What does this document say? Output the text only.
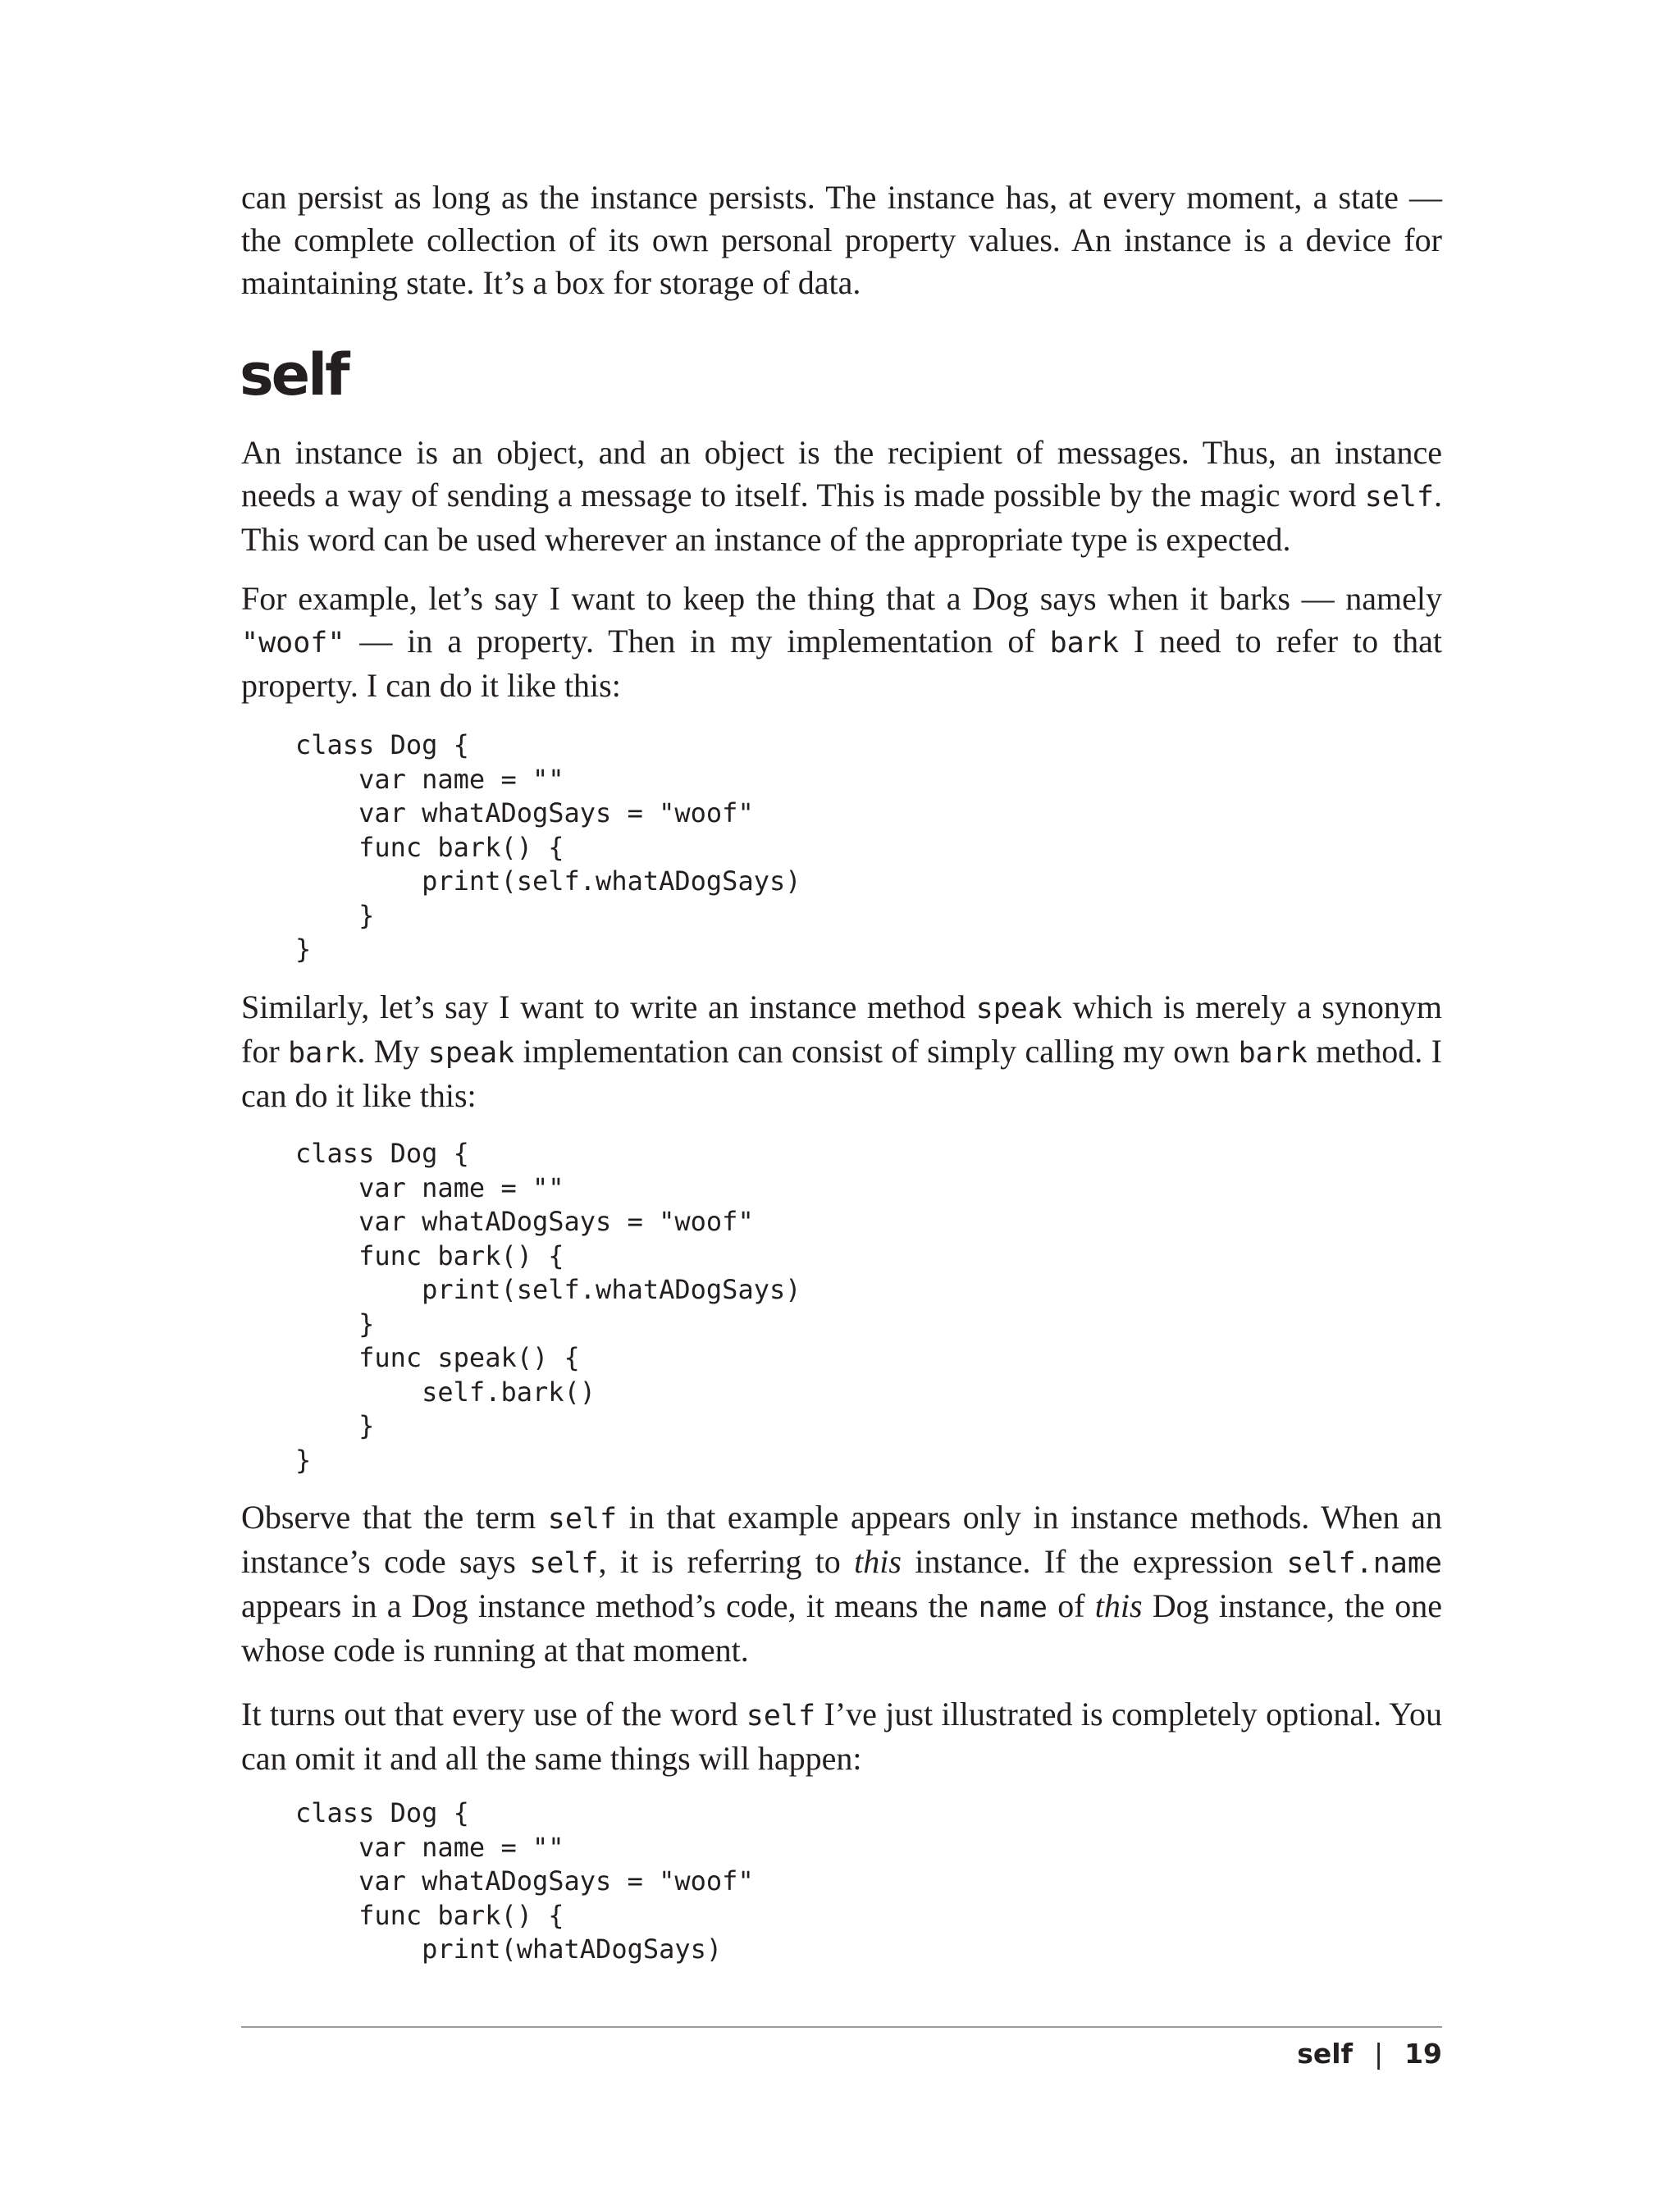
can persist as long as the instance persists. The instance has, at every moment, a state — the complete collection of its own personal property values. An instance is a device for maintaining state. It’s a box for storage of data.

self

An instance is an object, and an object is the recipient of messages. Thus, an instance needs a way of sending a message to itself. This is made possible by the magic word self. This word can be used wherever an instance of the appropriate type is expected.

For example, let’s say I want to keep the thing that a Dog says when it barks — namely "woof" — in a property. Then in my implementation of bark I need to refer to that property. I can do it like this:

class Dog {
var name = ""
var whatADogSays = "woof"
func bark() {
print(self.whatADogSays)
}
}

Similarly, let’s say I want to write an instance method speak which is merely a synonym for bark. My speak implementation can consist of simply calling my own bark method. I can do it like this:

class Dog {
var name = ""
var whatADogSays = "woof"
func bark() {
print(self.whatADogSays)
}
func speak() {
self.bark()
}
}

Observe that the term self in that example appears only in instance methods. When an instance’s code says self, it is referring to this instance. If the expression self.name appears in a Dog instance method’s code, it means the name of this Dog instance, the one whose code is running at that moment.

It turns out that every use of the word self I’ve just illustrated is completely optional. You can omit it and all the same things will happen:

class Dog {
var name = ""
var whatADogSays = "woof"
func bark() {
print(whatADogSays)
self | 19
